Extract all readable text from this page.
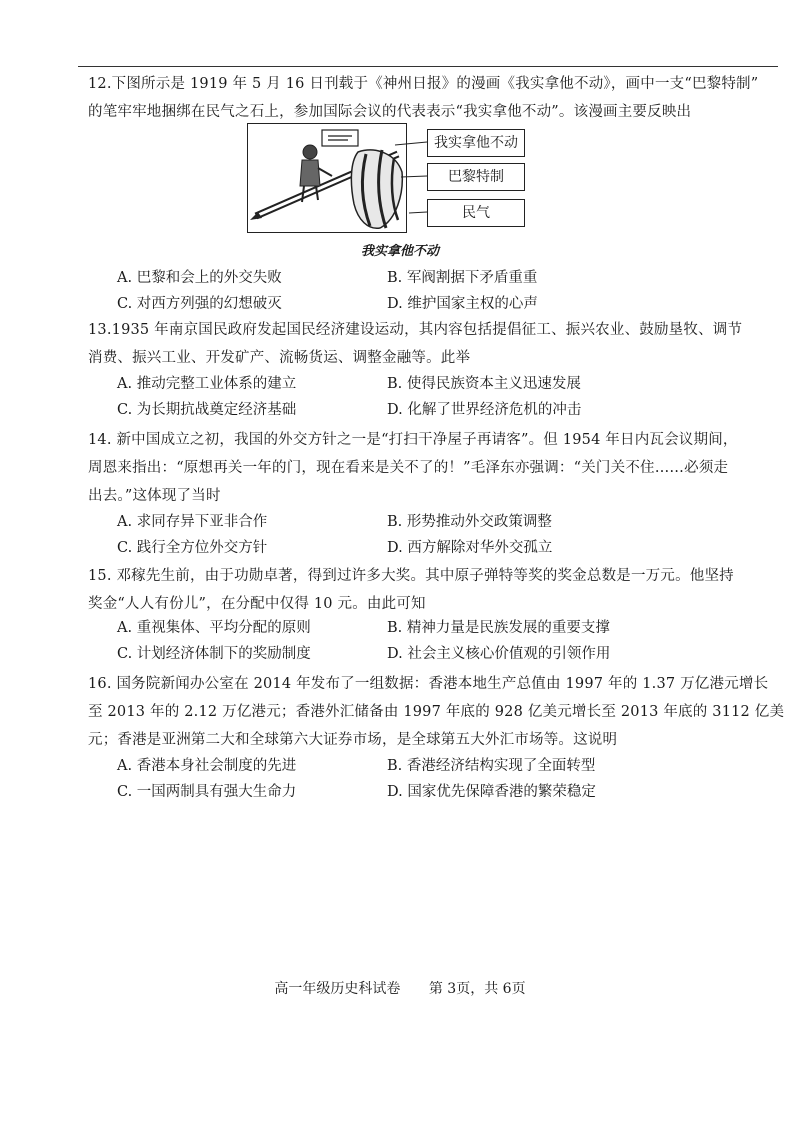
12.下图所示是 1919 年 5 月 16 日刊载于《神州日报》的漫画《我实拿他不动》，画中一支“巴黎特制”
的笔牢牢地捆绑在民气之石上，参加国际会议的代表表示“我实拿他不动”。该漫画主要反映出
我实拿他不动
巴黎特制
民气
我实拿他不动
A. 巴黎和会上的外交失败	B. 军阀割据下矛盾重重
C. 对西方列强的幻想破灭	D. 维护国家主权的心声
13.1935 年南京国民政府发起国民经济建设运动，其内容包括提倡征工、振兴农业、鼓励垦牧、调节
消费、振兴工业、开发矿产、流畅货运、调整金融等。此举
A. 推动完整工业体系的建立	B. 使得民族资本主义迅速发展
C. 为长期抗战奠定经济基础	D. 化解了世界经济危机的冲击
14. 新中国成立之初，我国的外交方针之一是“打扫干净屋子再请客”。但 1954 年日内瓦会议期间，
周恩来指出：“原想再关一年的门，现在看来是关不了的！”毛泽东亦强调：“关门关不住……必须走
出去。”这体现了当时
A. 求同存异下亚非合作	B. 形势推动外交政策调整
C. 践行全方位外交方针	D. 西方解除对华外交孤立
15. 邓稼先生前，由于功勋卓著，得到过许多大奖。其中原子弹特等奖的奖金总数是一万元。他坚持
奖金“人人有份儿”，在分配中仅得 10 元。由此可知
A. 重视集体、平均分配的原则	B. 精神力量是民族发展的重要支撑
C. 计划经济体制下的奖励制度	D. 社会主义核心价值观的引领作用
16. 国务院新闻办公室在 2014 年发布了一组数据：香港本地生产总值由 1997 年的 1.37 万亿港元增长
至 2013 年的 2.12 万亿港元；香港外汇储备由 1997 年底的 928 亿美元增长至 2013 年底的 3112 亿美
元；香港是亚洲第二大和全球第六大证券市场，是全球第五大外汇市场等。这说明
A. 香港本身社会制度的先进	B. 香港经济结构实现了全面转型
C. 一国两制具有强大生命力	D. 国家优先保障香港的繁荣稳定
高一年级历史科试卷 第 3页，共 6页
